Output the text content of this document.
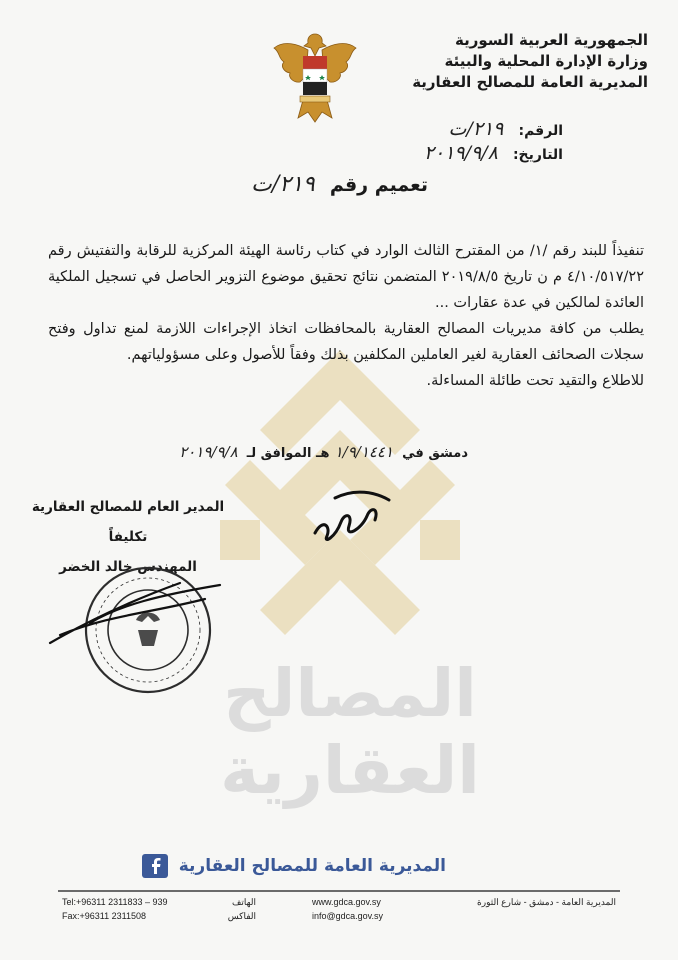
المصالح العقارية
الجمهورية العربية السورية
وزارة الإدارة المحلية والبيئة
المديرية العامة للمصالح العقارية
الرقم: ٢١٩/ت
التاريخ: ٢٠١٩/٩/٨
تعميم رقم ٢١٩/ت

تنفيذاً للبند رقم /١/ من المقترح الثالث الوارد في كتاب رئاسة الهيئة المركزية للرقابة والتفتيش رقم ٤/١٠/٥١٧/٢٢ م ن تاريخ ٢٠١٩/٨/٥ المتضمن نتائج تحقيق موضوع التزوير الحاصل في تسجيل الملكية العائدة لمالكين في عدة عقارات ...

يطلب من كافة مديريات المصالح العقارية بالمحافظات اتخاذ الإجراءات اللازمة لمنع تداول وفتح سجلات الصحائف العقارية لغير العاملين المكلفين بذلك وفقاً للأصول وعلى مسؤولياتهم.

للاطلاع والتقيد تحت طائلة المساءلة.

دمشق في ١/٩/١٤٤١ هـ الموافق لـ ٢٠١٩/٩/٨
المدير العام للمصالح العقارية
تكليفاً
المهندس خالد الخضر
المديرية العامة للمصالح العقارية
Tel:+96311 2311833 – 939
Fax:+96311 2311508
الهاتف
الفاكس
www.gdca.gov.sy
info@gdca.gov.sy
المديرية العامة - دمشق - شارع الثورة
